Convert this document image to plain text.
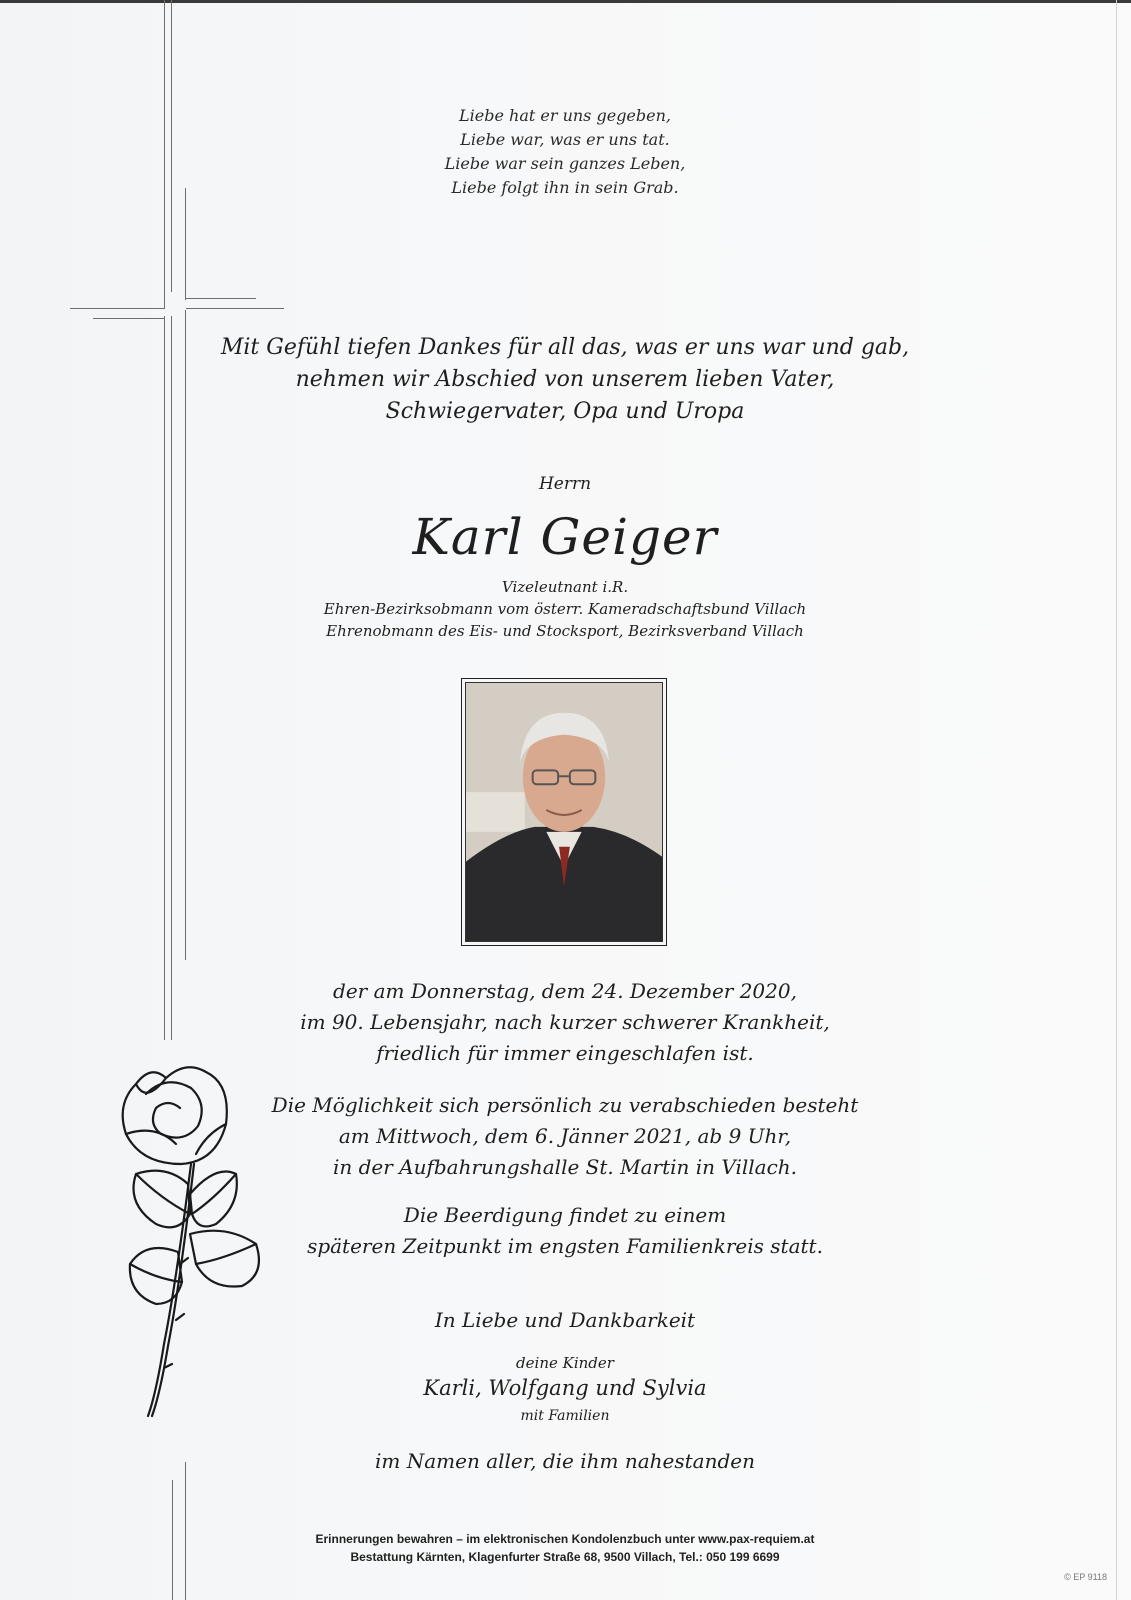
Liebe hat er uns gegeben,

Liebe war, was er uns tat.

Liebe war sein ganzes Leben,

Liebe folgt ihn in sein Grab.

Mit Gefühl tiefen Dankes für all das, was er uns war und gab,

nehmen wir Abschied von unserem lieben Vater,

Schwiegervater, Opa und Uropa

Herrn
Karl Geiger

Vizeleutnant i.R.

Ehren-Bezirksobmann vom österr. Kameradschaftsbund Villach

Ehrenobmann des Eis- und Stocksport, Bezirksverband Villach

der am Donnerstag, dem 24. Dezember 2020,

im 90. Lebensjahr, nach kurzer schwerer Krankheit,

friedlich für immer eingeschlafen ist.

Die Möglichkeit sich persönlich zu verabschieden besteht

am Mittwoch, dem 6. Jänner 2021, ab 9 Uhr,

in der Aufbahrungshalle St. Martin in Villach.

Die Beerdigung findet zu einem

späteren Zeitpunkt im engsten Familienkreis statt.

In Liebe und Dankbarkeit
deine Kinder
Karli, Wolfgang und Sylvia
mit Familien
im Namen aller, die ihm nahestanden

Erinnerungen bewahren – im elektronischen Kondolenzbuch unter www.pax-requiem.at

Bestattung Kärnten, Klagenfurter Straße 68, 9500 Villach, Tel.: 050 199 6699

© EP 9118
